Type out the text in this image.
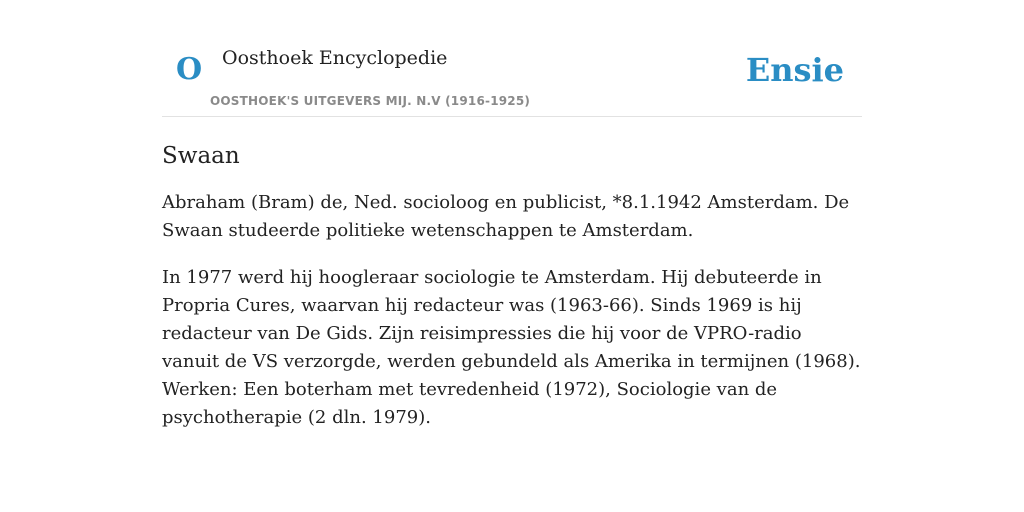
O Oosthoek Encyclopedie
OOSTHOEK'S UITGEVERS MIJ. N.V (1916-1925)
Ensie
Swaan

Abraham (Bram) de, Ned. socioloog en publicist, *8.1.1942 Amsterdam. De Swaan studeerde politieke wetenschappen te Amsterdam.

In 1977 werd hij hoogleraar sociologie te Amsterdam. Hij debuteerde in Propria Cures, waarvan hij redacteur was (1963-66). Sinds 1969 is hij redacteur van De Gids. Zijn reisimpressies die hij voor de VPRO-radio vanuit de VS verzorgde, werden gebundeld als Amerika in termijnen (1968). Werken: Een boterham met tevredenheid (1972), Sociologie van de psychotherapie (2 dln. 1979).
